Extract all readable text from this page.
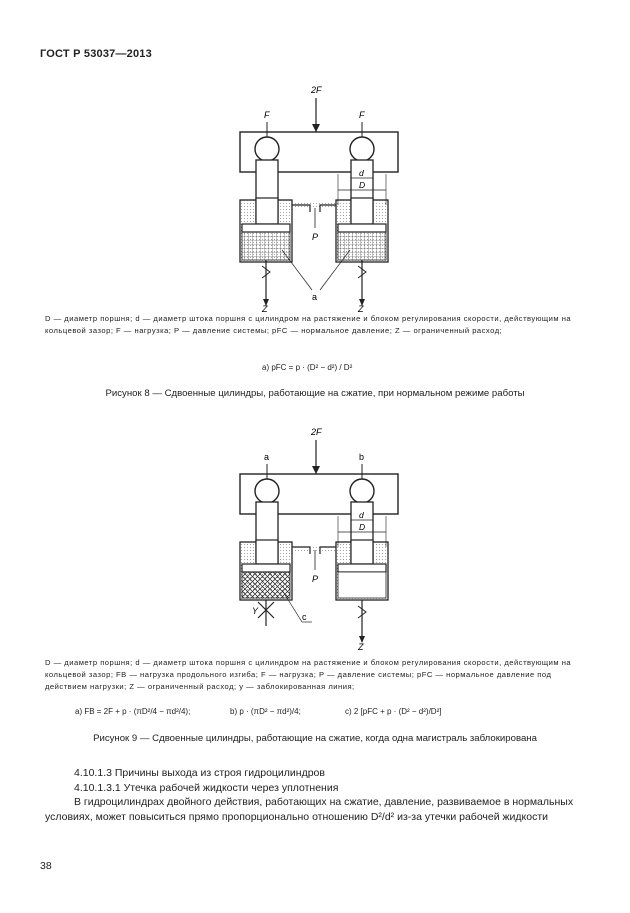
ГОСТ Р 53037—2013
2F
F	F
P
d
D
Z	Z
a
D — диаметр поршня; d — диаметр штока поршня с цилиндром на растяжение и блоком регулирования скорости, действующим на кольцевой зазор; F — нагрузка; P — давление системы; pFC — нормальное давление; Z — ограниченный расход;
а) pFC = p · (D² − d²) / D²
Рисунок 8 — Сдвоенные цилиндры, работающие на сжатие, при нормальном режиме работы
2F
a	b
P
d
D
Y
Z
c
D — диаметр поршня; d — диаметр штока поршня с цилиндром на растяжение и блоком регулирования скорости, действующим на кольцевой зазор; FB — нагрузка продольного изгиба; F — нагрузка; P — давление системы; pFC — нормальное давление под действием нагрузки; Z — ограниченный расход; y — заблокированная линия;
а) FB = 2F + p · (πD²/4 − πd²/4);	b) p · (πD² − πd²)/4;	c) 2 [pFC + p · (D² − d²)/D²]
Рисунок 9 — Сдвоенные цилиндры, работающие на сжатие, когда одна магистраль заблокирована
4.10.1.3 Причины выхода из строя гидроцилиндров
4.10.1.3.1 Утечка рабочей жидкости через уплотнения
В гидроцилиндрах двойного действия, работающих на сжатие, давление, развиваемое в нормальных условиях, может повыситься прямо пропорционально отношению D²/d² из-за утечки рабочей жидкости
38
